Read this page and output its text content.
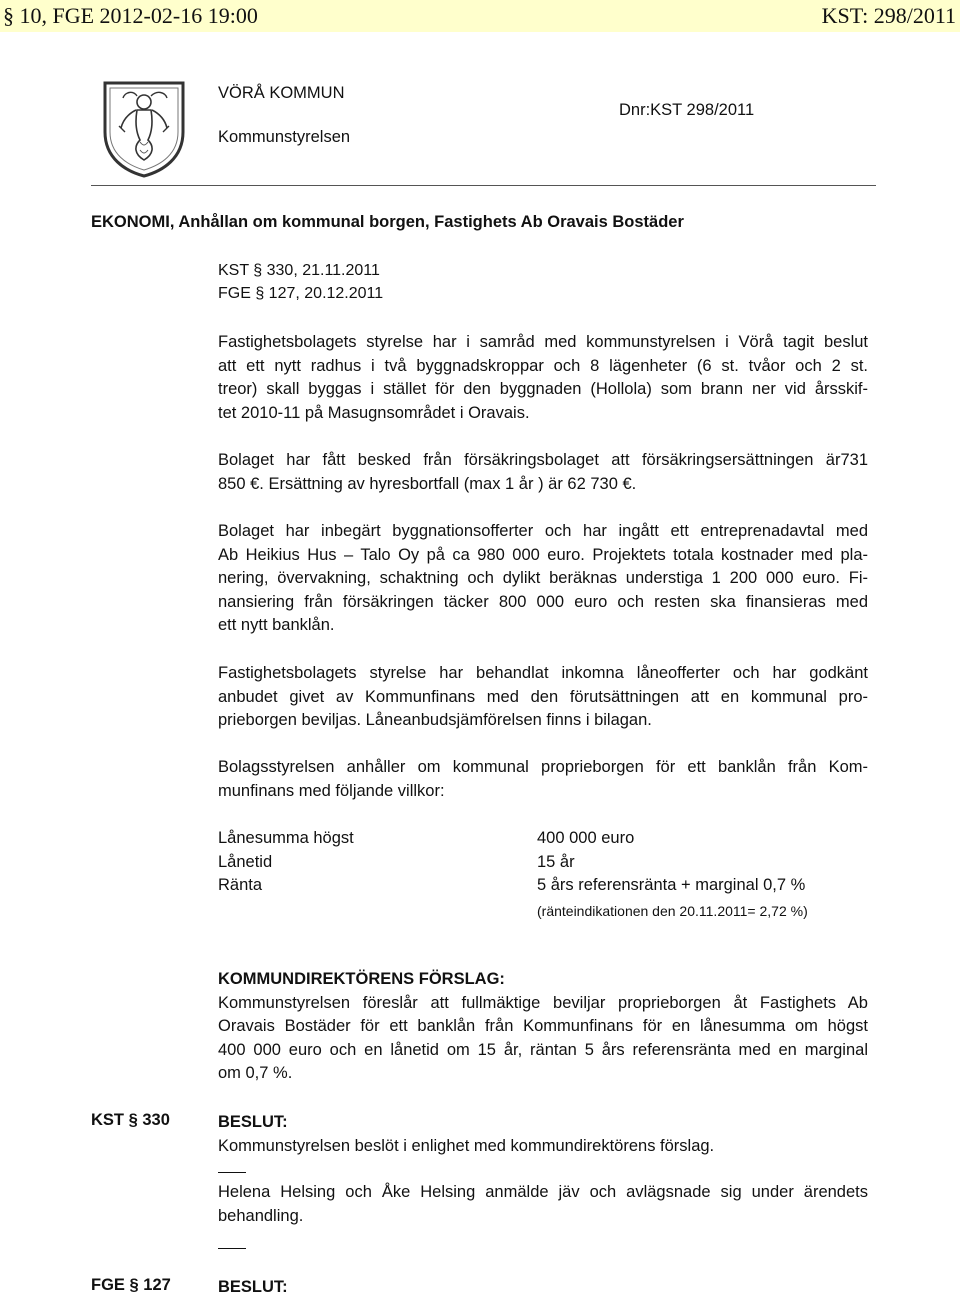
§ 10, FGE 2012-02-16 19:00	KST: 298/2011
VÖRÅ KOMMUN
Kommunstyrelsen
Dnr:KST 298/2011
EKONOMI, Anhållan om kommunal borgen, Fastighets Ab Oravais Bostäder
KST § 330, 21.11.2011
FGE § 127, 20.12.2011

Fastighetsbolagets styrelse har i samråd med kommunstyrelsen i Vörå tagit beslut

att ett nytt radhus i två byggnadskroppar och 8 lägenheter (6 st. tvåor och 2 st.

treor) skall byggas i stället för den byggnaden (Hollola) som brann ner vid årsskif-

tet 2010-11 på Masugnsområdet i Oravais.

Bolaget har fått besked från försäkringsbolaget att försäkringsersättningen är731

850 €. Ersättning av hyresbortfall (max 1 år ) är 62 730 €.

Bolaget har inbegärt byggnationsofferter och har ingått ett entreprenadavtal med

Ab Heikius Hus – Talo Oy på ca 980 000 euro. Projektets totala kostnader med pla-

nering, övervakning, schaktning och dylikt beräknas understiga 1 200 000 euro. Fi-

nansiering från försäkringen täcker 800 000 euro och resten ska finansieras med

ett nytt banklån.

Fastighetsbolagets styrelse har behandlat inkomna låneofferter och har godkänt

anbudet givet av Kommunfinans med den förutsättningen att en kommunal pro-

prieborgen beviljas. Låneanbudsjämförelsen finns i bilagan.

Bolagsstyrelsen anhåller om kommunal proprieborgen för ett banklån från Kom-

munfinans med följande villkor:

Lånesumma högst	400 000 euro
Lånetid	15 år
Ränta	5 års referensränta + marginal 0,7 %
(ränteindikationen den 20.11.2011= 2,72 %)

KOMMUNDIREKTÖRENS FÖRSLAG:

Kommunstyrelsen föreslår att fullmäktige beviljar proprieborgen åt Fastighets Ab

Oravais Bostäder för ett banklån från Kommunfinans för en lånesumma om högst

400 000 euro och en lånetid om 15 år, räntan 5 års referensränta med en marginal

om 0,7 %.

KST § 330	BESLUT:

Kommunstyrelsen beslöt i enlighet med kommundirektörens förslag.

Helena Helsing och Åke Helsing anmälde jäv och avlägsnade sig under ärendets

behandling.

FGE § 127	BESLUT:
